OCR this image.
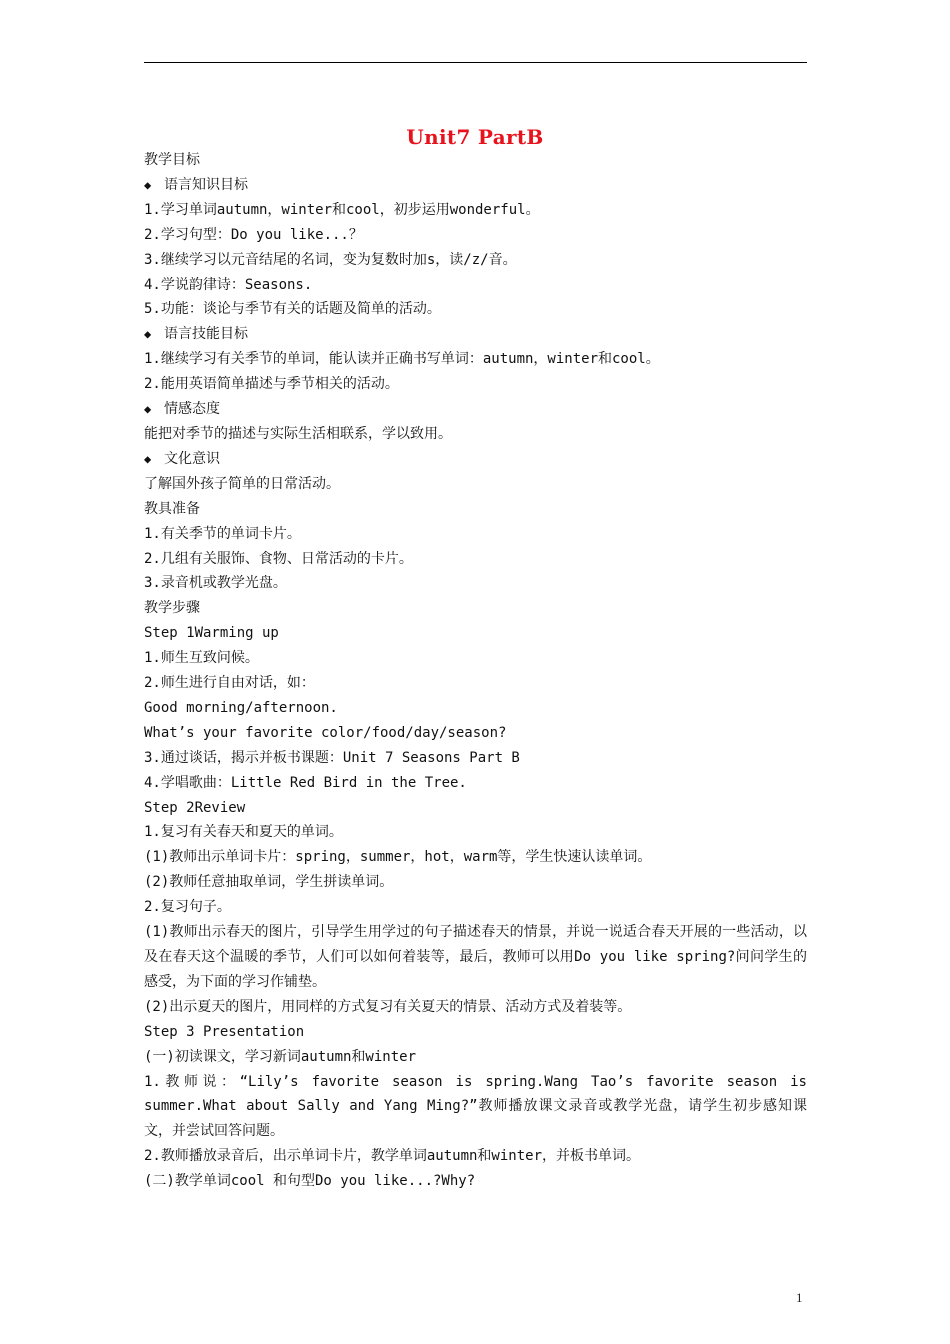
Unit7 PartB
教学目标
◆ 语言知识目标
1.学习单词autumn，winter和cool，初步运用wonderful。
2.学习句型：Do you like...？
3.继续学习以元音结尾的名词，变为复数时加s，读/z/音。
4.学说韵律诗：Seasons.
5.功能：谈论与季节有关的话题及简单的活动。
◆ 语言技能目标
1.继续学习有关季节的单词，能认读并正确书写单词：autumn，winter和cool。
2.能用英语简单描述与季节相关的活动。
◆ 情感态度
能把对季节的描述与实际生活相联系，学以致用。
◆ 文化意识
了解国外孩子简单的日常活动。
教具准备
1.有关季节的单词卡片。
2.几组有关服饰、食物、日常活动的卡片。
3.录音机或教学光盘。
教学步骤
Step 1Warming up
1.师生互致问候。
2.师生进行自由对话，如：
Good morning/afternoon.
What’s your favorite color/food/day/season?
3.通过谈话，揭示并板书课题：Unit 7 Seasons Part B
4.学唱歌曲：Little Red Bird in the Tree.
Step 2Review
1.复习有关春天和夏天的单词。
(1)教师出示单词卡片：spring，summer，hot，warm等，学生快速认读单词。
(2)教师任意抽取单词，学生拼读单词。
2.复习句子。
(1)教师出示春天的图片，引导学生用学过的句子描述春天的情景，并说一说适合春天开展的一些活动，以及在春天这个温暖的季节，人们可以如何着装等，最后，教师可以用Do you like spring?问问学生的感受，为下面的学习作铺垫。
(2)出示夏天的图片，用同样的方式复习有关夏天的情景、活动方式及着装等。
Step 3 Presentation
(一)初读课文，学习新词autumn和winter
1.教师说：“Lily’s favorite season is spring.Wang Tao’s favorite season is summer.What about Sally and Yang Ming?”教师播放课文录音或教学光盘，请学生初步感知课文，并尝试回答问题。
2.教师播放录音后，出示单词卡片，教学单词autumn和winter，并板书单词。
(二)教学单词cool 和句型Do you like...?Why?
1
